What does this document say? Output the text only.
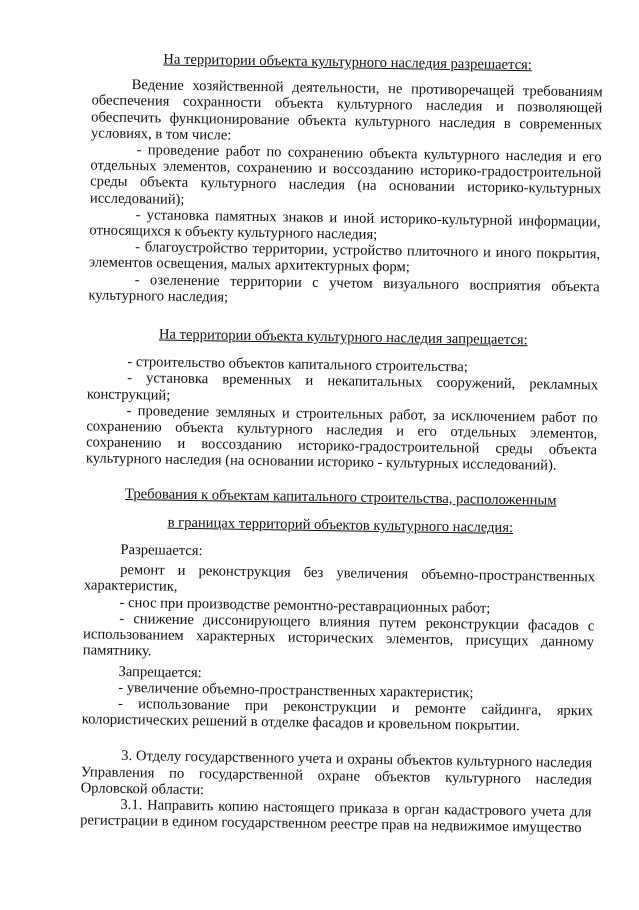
На территории объекта культурного наследия разрешается:

Ведение хозяйственной деятельности, не противоречащей требованиям обеспечения сохранности объекта культурного наследия и позволяющей обеспечить функционирование объекта культурного наследия в современных условиях, в том числе:

- проведение работ по сохранению объекта культурного наследия и его отдельных элементов, сохранению и воссозданию историко-градостроительной среды объекта культурного наследия (на основании историко-культурных исследований);

- установка памятных знаков и иной историко-культурной информации, относящихся к объекту культурного наследия;

- благоустройство территории, устройство плиточного и иного покрытия, элементов освещения, малых архитектурных форм;

- озеленение территории с учетом визуального восприятия объекта культурного наследия;

На территории объекта культурного наследия запрещается:

- строительство объектов капитального строительства;

- установка временных и некапитальных сооружений, рекламных конструкций;

- проведение земляных и строительных работ, за исключением работ по сохранению объекта культурного наследия и его отдельных элементов, сохранению и воссозданию историко-градостроительной среды объекта культурного наследия (на основании историко - культурных исследований).

Требования к объектам капитального строительства, расположенным

в границах территорий объектов культурного наследия:

Разрешается:

ремонт и реконструкция без увеличения объемно-пространственных характеристик,

- снос при производстве ремонтно-реставрационных работ;

- снижение диссонирующего влияния путем реконструкции фасадов с использованием характерных исторических элементов, присущих данному памятнику.

Запрещается:

- увеличение объемно-пространственных характеристик;

- использование при реконструкции и ремонте сайдинга, ярких колористических решений в отделке фасадов и кровельном покрытии.

3. Отделу государственного учета и охраны объектов культурного наследия Управления по государственной охране объектов культурного наследия Орловской области:

3.1. Направить копию настоящего приказа в орган кадастрового учета для регистрации в едином государственном реестре прав на недвижимое имущество
